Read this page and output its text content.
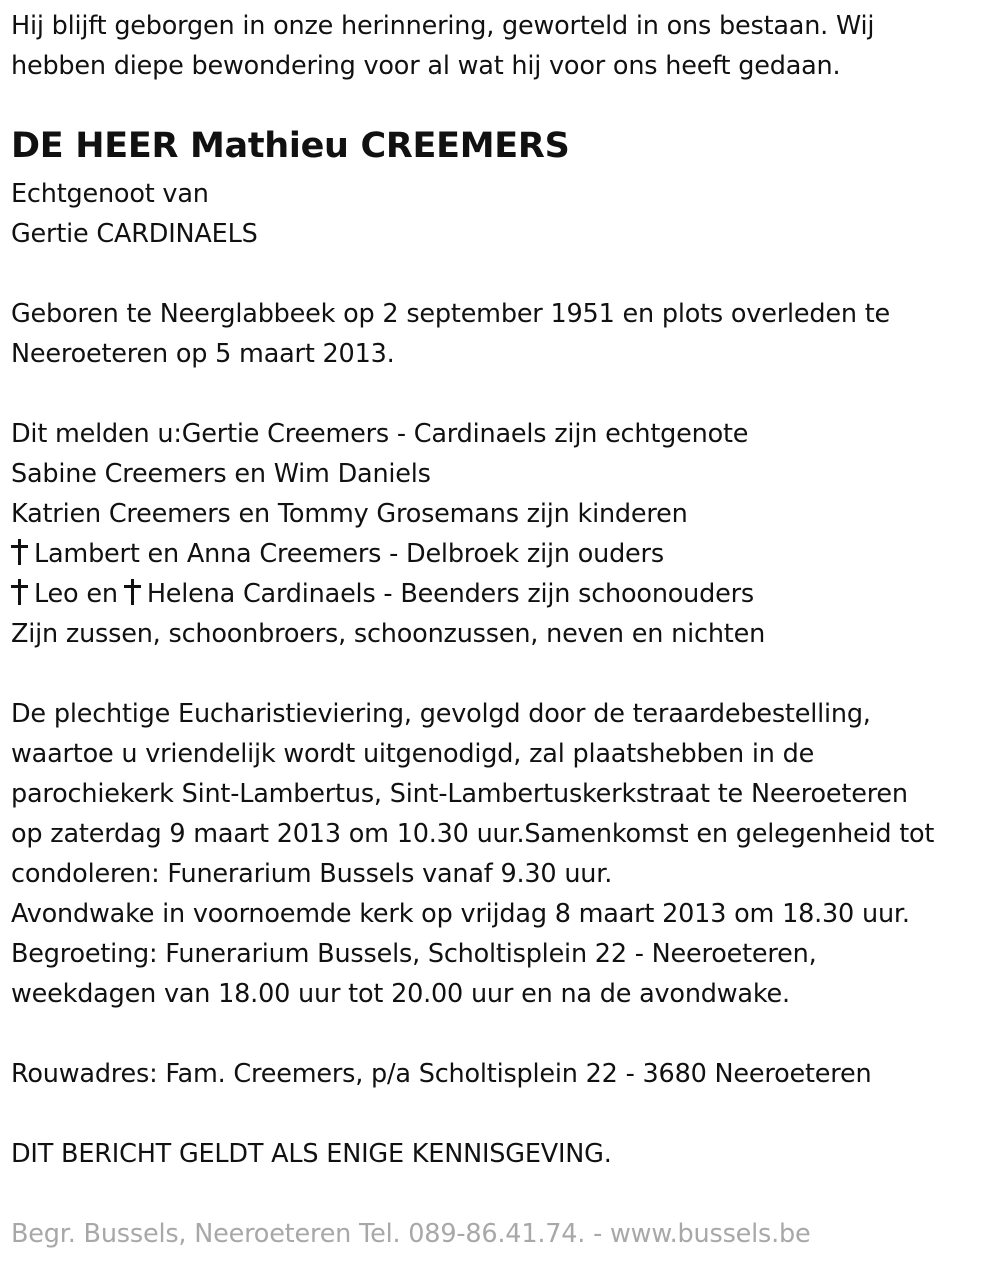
Hij blijft geborgen in onze herinnering, geworteld in ons bestaan. Wij
hebben diepe bewondering voor al wat hij voor ons heeft gedaan.
DE HEER Mathieu CREEMERS
Echtgenoot van
Gertie CARDINAELS
Geboren te Neerglabbeek op 2 september 1951 en plots overleden te
Neeroeteren op 5 maart 2013.
Dit melden u:Gertie Creemers - Cardinaels zijn echtgenote
Sabine Creemers en Wim Daniels
Katrien Creemers en Tommy Grosemans zijn kinderen
Lambert en Anna Creemers - Delbroek zijn ouders
Leo en Helena Cardinaels - Beenders zijn schoonouders
Zijn zussen, schoonbroers, schoonzussen, neven en nichten
De plechtige Eucharistieviering, gevolgd door de teraardebestelling,
waartoe u vriendelijk wordt uitgenodigd, zal plaatshebben in de
parochiekerk Sint-Lambertus, Sint-Lambertuskerkstraat te Neeroeteren
op zaterdag 9 maart 2013 om 10.30 uur.Samenkomst en gelegenheid tot
condoleren: Funerarium Bussels vanaf 9.30 uur.
Avondwake in voornoemde kerk op vrijdag 8 maart 2013 om 18.30 uur.
Begroeting: Funerarium Bussels, Scholtisplein 22 - Neeroeteren,
weekdagen van 18.00 uur tot 20.00 uur en na de avondwake.
Rouwadres: Fam. Creemers, p/a Scholtisplein 22 - 3680 Neeroeteren
DIT BERICHT GELDT ALS ENIGE KENNISGEVING.
Begr. Bussels, Neeroeteren Tel. 089-86.41.74. - www.bussels.be
